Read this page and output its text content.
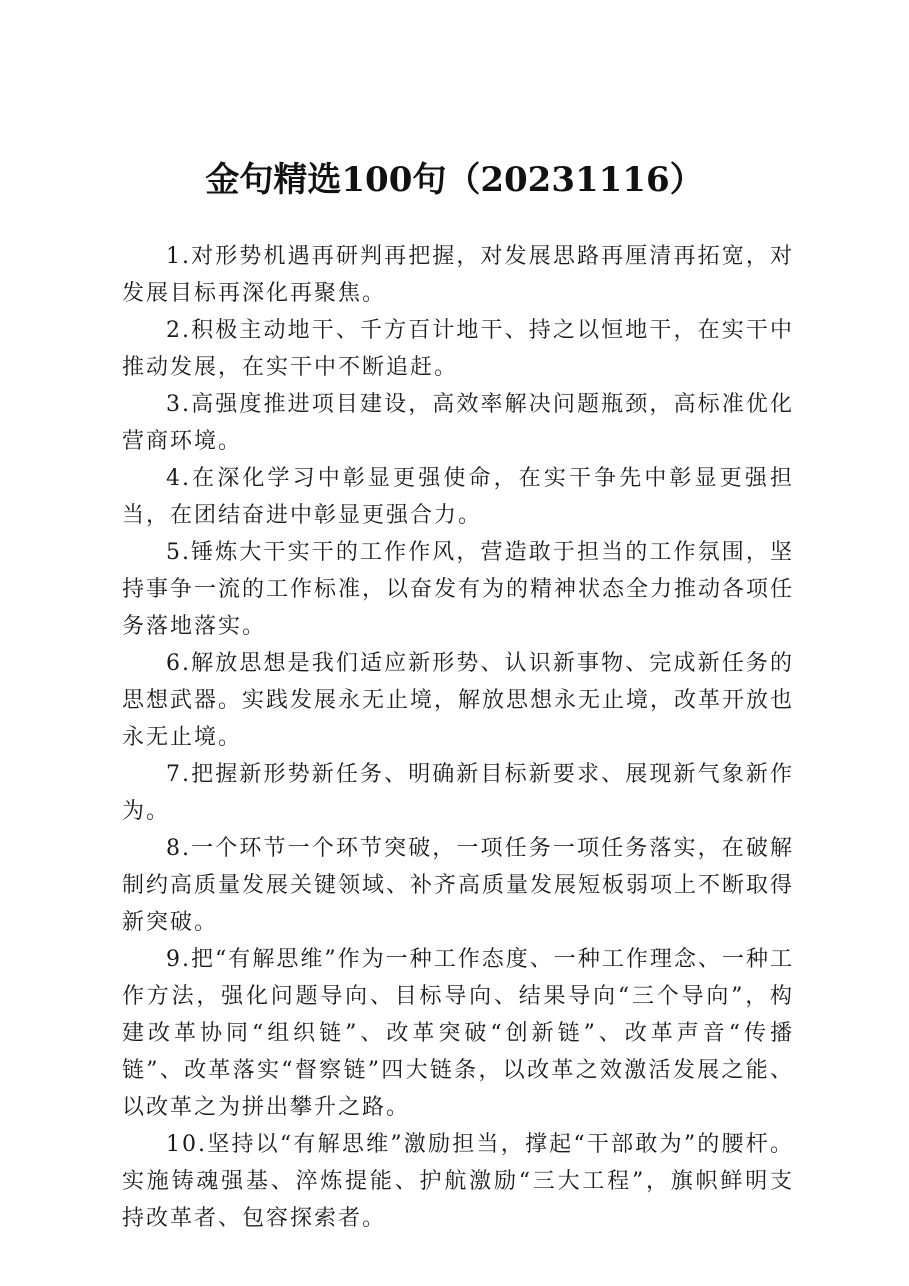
金句精选100句（20231116）

1.对形势机遇再研判再把握，对发展思路再厘清再拓宽，对发展目标再深化再聚焦。

2.积极主动地干、千方百计地干、持之以恒地干，在实干中推动发展，在实干中不断追赶。

3.高强度推进项目建设，高效率解决问题瓶颈，高标准优化营商环境。

4.在深化学习中彰显更强使命，在实干争先中彰显更强担当，在团结奋进中彰显更强合力。

5.锤炼大干实干的工作作风，营造敢于担当的工作氛围，坚持事争一流的工作标准，以奋发有为的精神状态全力推动各项任务落地落实。

6.解放思想是我们适应新形势、认识新事物、完成新任务的思想武器。实践发展永无止境，解放思想永无止境，改革开放也永无止境。

7.把握新形势新任务、明确新目标新要求、展现新气象新作为。

8.一个环节一个环节突破，一项任务一项任务落实，在破解制约高质量发展关键领域、补齐高质量发展短板弱项上不断取得新突破。

9.把“有解思维”作为一种工作态度、一种工作理念、一种工作方法，强化问题导向、目标导向、结果导向“三个导向”，构建改革协同“组织链”、改革突破“创新链”、改革声音“传播链”、改革落实“督察链”四大链条，以改革之效激活发展之能、以改革之为拼出攀升之路。

10.坚持以“有解思维”激励担当，撑起“干部敢为”的腰杆。实施铸魂强基、淬炼提能、护航激励“三大工程”，旗帜鲜明支持改革者、包容探索者。
